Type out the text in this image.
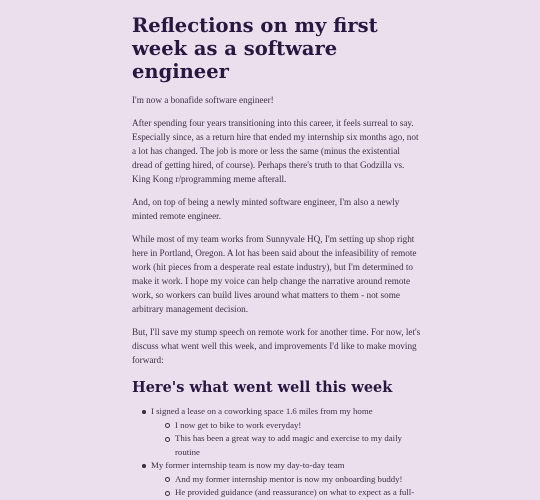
Reflections on my first week as a software engineer

I'm now a bonafide software engineer!

After spending four years transitioning into this career, it feels surreal to say. Especially since, as a return hire that ended my internship six months ago, not a lot has changed. The job is more or less the same (minus the existential dread of getting hired, of course). Perhaps there's truth to that Godzilla vs. King Kong r/programming meme afterall.

And, on top of being a newly minted software engineer, I'm also a newly minted remote engineer.

While most of my team works from Sunnyvale HQ, I'm setting up shop right here in Portland, Oregon. A lot has been said about the infeasibility of remote work (hit pieces from a desperate real estate industry), but I'm determined to make it work. I hope my voice can help change the narrative around remote work, so workers can build lives around what matters to them - not some arbitrary management decision.

But, I'll save my stump speech on remote work for another time. For now, let's discuss what went well this week, and improvements I'd like to make moving forward:

Here's what went well this week
I signed a lease on a coworking space 1.6 miles from my home
I now get to bike to work everyday!
This has been a great way to add magic and exercise to my daily routine
My former internship team is now my day-to-day team
And my former internship mentor is now my onboarding buddy!
He provided guidance (and reassurance) on what to expect as a full-
